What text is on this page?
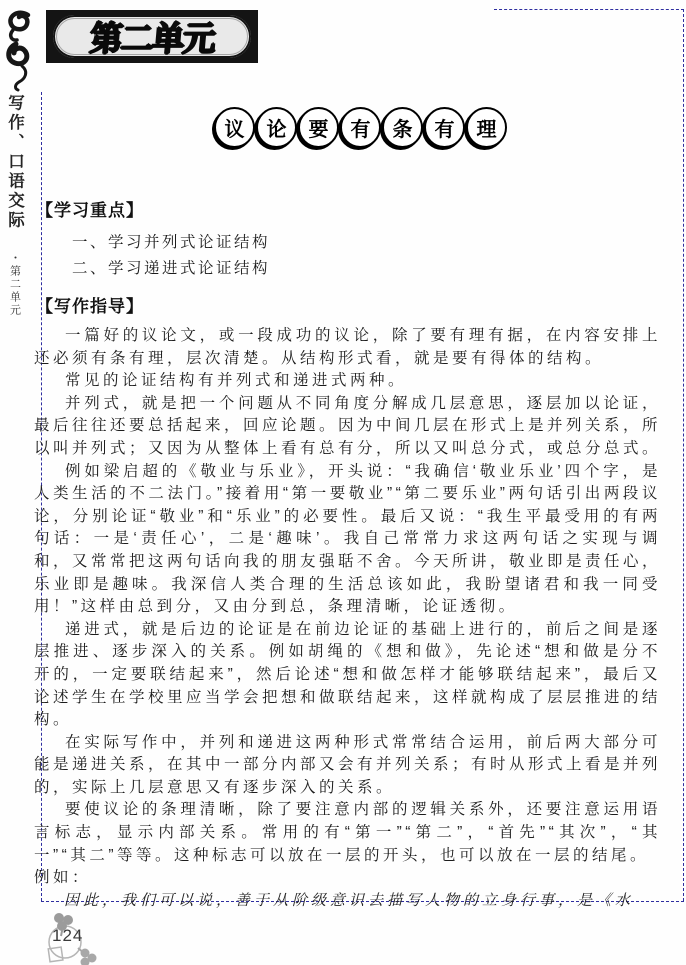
第二单元
写作、口语交际 ・第二单元
议 论 要 有 条 有 理
【学习重点】
一、学习并列式论证结构
二、学习递进式论证结构
【写作指导】

一篇好的议论文，或一段成功的议论，除了要有理有据，在内容安排上还必须有条有理，层次清楚。从结构形式看，就是要有得体的结构。

常见的论证结构有并列式和递进式两种。

并列式，就是把一个问题从不同角度分解成几层意思，逐层加以论证，最后往往还要总括起来，回应论题。因为中间几层在形式上是并列关系，所以叫并列式；又因为从整体上看有总有分，所以又叫总分式，或总分总式。

例如梁启超的《敬业与乐业》，开头说：“我确信‘敬业乐业’四个字，是人类生活的不二法门。”接着用“第一要敬业”“第二要乐业”两句话引出两段议论，分别论证“敬业”和“乐业”的必要性。最后又说：“我生平最受用的有两句话：一是‘责任心’，二是‘趣味’。我自己常常力求这两句话之实现与调和，又常常把这两句话向我的朋友强聒不舍。今天所讲，敬业即是责任心，乐业即是趣味。我深信人类合理的生活总该如此，我盼望诸君和我一同受用！”这样由总到分，又由分到总，条理清晰，论证透彻。

递进式，就是后边的论证是在前边论证的基础上进行的，前后之间是逐层推进、逐步深入的关系。例如胡绳的《想和做》，先论述“想和做是分不开的，一定要联结起来”，然后论述“想和做怎样才能够联结起来”，最后又论述学生在学校里应当学会把想和做联结起来，这样就构成了层层推进的结构。

在实际写作中，并列和递进这两种形式常常结合运用，前后两大部分可能是递进关系，在其中一部分内部又会有并列关系；有时从形式上看是并列的，实际上几层意思又有逐步深入的关系。

要使议论的条理清晰，除了要注意内部的逻辑关系外，还要注意运用语言标志，显示内部关系。常用的有“第一”“第二”，“首先”“其次”，“其一”“其二”等等。这种标志可以放在一层的开头，也可以放在一层的结尾。

例如：

因此，我们可以说，善于从阶级意识去描写人物的立身行事，是《水

124
